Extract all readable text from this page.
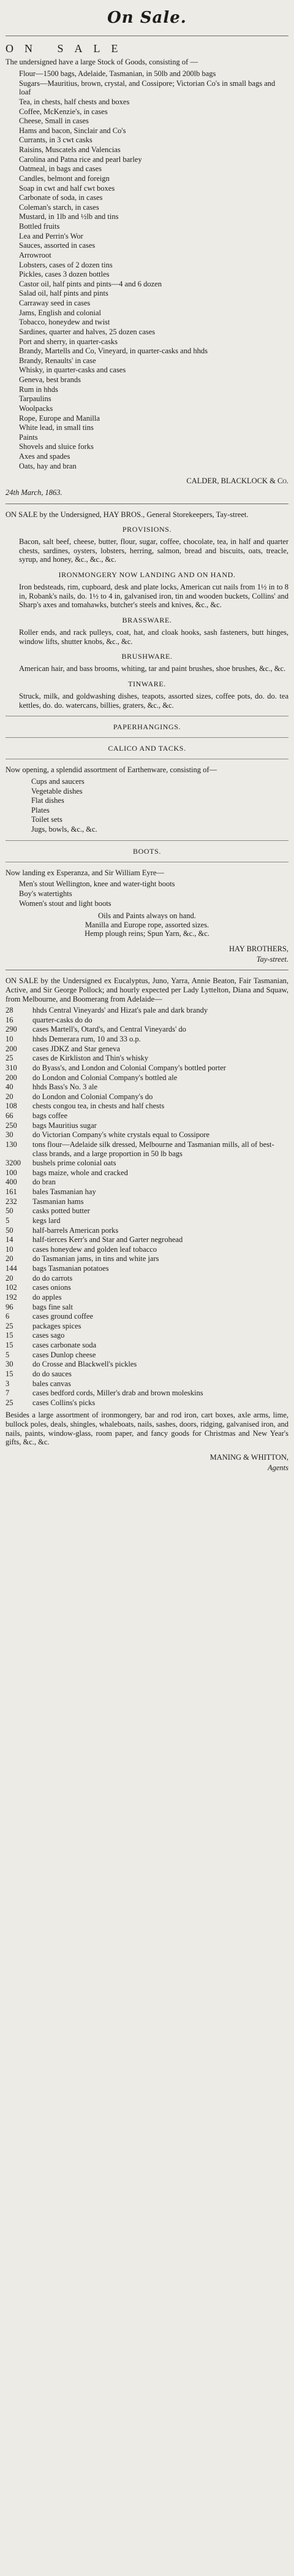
On Sale.
ON SALE

The undersigned have a large Stock of Goods, consisting of —

Flour—1500 bags, Adelaide, Tasmanian, in 50lb and 200lb bags
Sugars—Mauritius, brown, crystal, and Cossipore; Victorian Co's in small bags and loaf
Tea, in chests, half chests and boxes
Coffee, McKenzie's, in cases
Cheese, Small in cases
Hams and bacon, Sinclair and Co's
Currants, in 3 cwt casks
Raisins, Muscatels and Valencias
Carolina and Patna rice and pearl barley
Oatmeal, in bags and cases
Candles, belmont and foreign
Soap in cwt and half cwt boxes
Carbonate of soda, in cases
Coleman's starch, in cases
Mustard, in 1lb and ½lb and tins
Bottled fruits
Lea and Perrin's Wor
Sauces, assorted in cases
Arrowroot
Lobsters, cases of 2 dozen tins
Pickles, cases 3 dozen bottles
Castor oil, half pints and pints—4 and 6 dozen
Salad oil, half pints and pints
Carraway seed in cases
Jams, English and colonial
Tobacco, honeydew and twist
Sardines, quarter and halves, 25 dozen cases
Port and sherry, in quarter-casks
Brandy, Martells and Co, Vineyard, in quarter-casks and hhds
Brandy, Renaults' in case
Whisky, in quarter-casks and cases
Geneva, best brands
Rum in hhds
Tarpaulins
Woolpacks
Rope, Europe and Manilla
White lead, in small tins
Paints
Shovels and sluice forks
Axes and spades
Oats, hay and bran
CALDER, BLACKLOCK & Co.
24th March, 1863.

ON SALE by the Undersigned, HAY BROS., General Storekeepers, Tay-street.

PROVISIONS.

Bacon, salt beef, cheese, butter, flour, sugar, coffee, chocolate, tea, in half and quarter chests, sardines, oysters, lobsters, herring, salmon, bread and biscuits, oats, treacle, syrup, and honey, &c., &c., &c.

IRONMONGERY NOW LANDING AND ON HAND.

Iron bedsteads, rim, cupboard, desk and plate locks, American cut nails from 1½ in to 8 in, Robank's nails, do. 1½ to 4 in, galvanised iron, tin and wooden buckets, Collins' and Sharp's axes and tomahawks, butcher's steels and knives, &c., &c.

BRASSWARE.

Roller ends, and rack pulleys, coat, hat, and cloak hooks, sash fasteners, butt hinges, window lifts, shutter knobs, &c., &c.

BRUSHWARE.

American hair, and bass brooms, whiting, tar and paint brushes, shoe brushes, &c., &c.

TINWARE.

Struck, milk, and goldwashing dishes, teapots, assorted sizes, coffee pots, do. do. tea kettles, do. do. watercans, billies, graters, &c., &c.

PAPERHANGINGS.
CALICO AND TACKS.

Now opening, a splendid assortment of Earthenware, consisting of—

Cups and saucers
Vegetable dishes
Flat dishes
Plates
Toilet sets
Jugs, bowls, &c., &c.
BOOTS.

Now landing ex Esperanza, and Sir William Eyre—

Men's stout Wellington, knee and water-tight boots
Boy's watertights
Women's stout and light boots
Oils and Paints always on hand.
Manilla and Europe rope, assorted sizes.
Hemp plough reins; Spun Yarn, &c., &c.
HAY BROTHERS,
Tay-street.

ON SALE by the Undersigned ex Eucalyptus, Juno, Yarra, Annie Beaton, Fair Tasmanian, Active, and Sir George Pollock; and hourly expected per Lady Lyttelton, Diana and Squaw, from Melbourne, and Boomerang from Adelaide—

28	hhds Central Vineyards' and Hizat's pale and dark brandy
16	quarter-casks do do
290	cases Martell's, Otard's, and Central Vineyards' do
10	hhds Demerara rum, 10 and 33 o.p.
200	cases JDKZ and Star geneva
25	cases de Kirkliston and Thin's whisky
310	do Byass's, and London and Colonial Company's bottled porter
200	do London and Colonial Company's bottled ale
40	hhds Bass's No. 3 ale
20	do London and Colonial Company's do
108	chests congou tea, in chests and half chests
66	bags coffee
250	bags Mauritius sugar
30	do Victorian Company's white crystals equal to Cossipore
130	tons flour—Adelaide silk dressed, Melbourne and Tasmanian mills, all of best-class brands, and a large proportion in 50 lb bags
3200	bushels prime colonial oats
100	bags maize, whole and cracked
400	do bran
161	bales Tasmanian hay
232	Tasmanian hams
50	casks potted butter
5	kegs lard
50	half-barrels American porks
14	half-tierces Kerr's and Star and Garter negrohead
10	cases honeydew and golden leaf tobacco
20	do Tasmanian jams, in tins and white jars
144	bags Tasmanian potatoes
20	do do carrots
102	cases onions
192	do apples
96	bags fine salt
6	cases ground coffee
25	packages spices
15	cases sago
15	cases carbonate soda
5	cases Dunlop cheese
30	do Crosse and Blackwell's pickles
15	do do sauces
3	bales canvas
7	cases bedford cords, Miller's drab and brown moleskins
25	cases Collins's picks

Besides a large assortment of ironmongery, bar and rod iron, cart boxes, axle arms, lime, bullock poles, deals, shingles, whaleboats, nails, sashes, doors, ridging, galvanised iron, and nails, paints, window-glass, room paper, and fancy goods for Christmas and New Year's gifts, &c., &c.

MANING & WHITTON,
Agents
